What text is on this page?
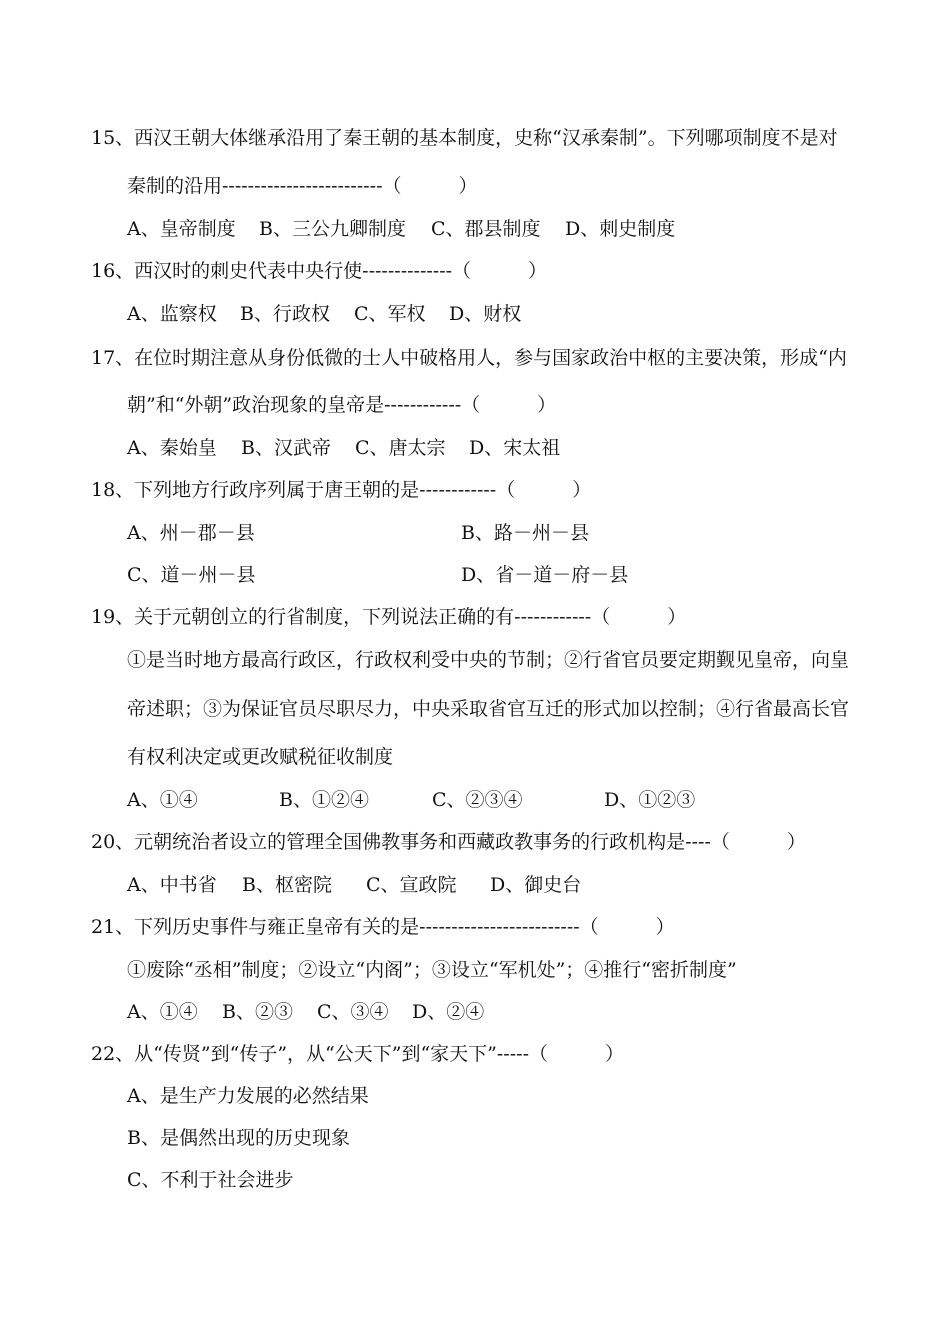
15、西汉王朝大体继承沿用了秦王朝的基本制度，史称“汉承秦制”。下列哪项制度不是对
秦制的沿用-------------------------（　　　）
A、皇帝制度 B、三公九卿制度 C、郡县制度 D、刺史制度
16、西汉时的刺史代表中央行使--------------（　　　）
A、监察权 B、行政权 C、军权 D、财权
17、在位时期注意从身份低微的士人中破格用人，参与国家政治中枢的主要决策，形成“内
朝”和“外朝”政治现象的皇帝是------------（　　　）
A、秦始皇 B、汉武帝 C、唐太宗 D、宋太祖
18、下列地方行政序列属于唐王朝的是------------（　　　）
A、州－郡－县	B、路－州－县
C、道－州－县	D、省－道－府－县
19、关于元朝创立的行省制度，下列说法正确的有------------（　　　）
①是当时地方最高行政区，行政权利受中央的节制；②行省官员要定期觐见皇帝，向皇
帝述职；③为保证官员尽职尽力，中央采取省官互迁的形式加以控制；④行省最高长官
有权利决定或更改赋税征收制度
A、①④	B、①②④	C、②③④	D、①②③
20、元朝统治者设立的管理全国佛教事务和西藏政教事务的行政机构是----（　　　）
A、中书省 B、枢密院 C、宣政院 D、御史台
21、下列历史事件与雍正皇帝有关的是-------------------------（　　　）
①废除“丞相”制度；②设立“内阁”；③设立“军机处”；④推行“密折制度”
A、①④ B、②③ C、③④ D、②④
22、从“传贤”到“传子”，从“公天下”到“家天下”-----（　　　）
A、是生产力发展的必然结果
B、是偶然出现的历史现象
C、不利于社会进步
